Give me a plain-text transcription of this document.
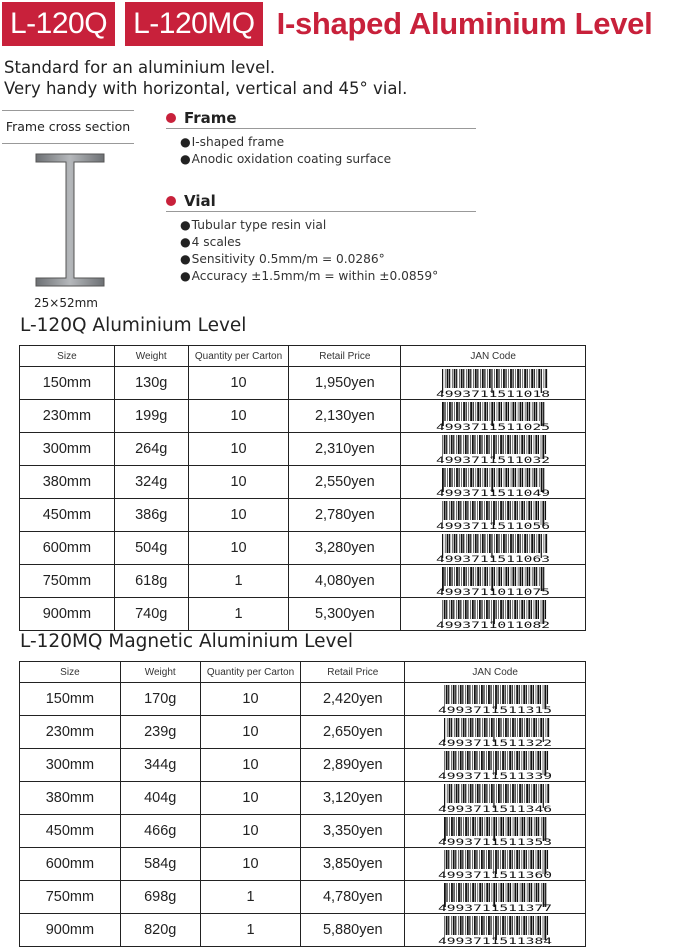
L-120Q L-120MQ I-shaped Aluminium Level
Standard for an aluminium level.
Very handy with horizontal, vertical and 45° vial.
Frame cross section
25×52mm
Frame
● I-shaped frame
● Anodic oxidation coating surface
Vial
● Tubular type resin vial
● 4 scales
● Sensitivity 0.5mm/m = 0.0286°
● Accuracy ±1.5mm/m = within ±0.0859°
L-120Q Aluminium Level
Size	Weight	Quantity per Carton	Retail Price	JAN Code
150mm	130g	10	1,950yen	4993711511018

230mm	199g	10	2,130yen	4993711511025

300mm	264g	10	2,310yen	4993711511032

380mm	324g	10	2,550yen	4993711511049

450mm	386g	10	2,780yen	4993711511056

600mm	504g	10	3,280yen	4993711511063

750mm	618g	1	4,080yen	4993711011075

900mm	740g	1	5,300yen	4993711011082
L-120MQ Magnetic Aluminium Level
Size	Weight	Quantity per Carton	Retail Price	JAN Code
150mm	170g	10	2,420yen	4993711511315

230mm	239g	10	2,650yen	4993711511322

300mm	344g	10	2,890yen	4993711511339

380mm	404g	10	3,120yen	4993711511346

450mm	466g	10	3,350yen	4993711511353

600mm	584g	10	3,850yen	4993711511360

750mm	698g	1	4,780yen	4993711511377

900mm	820g	1	5,880yen	4993711511384
